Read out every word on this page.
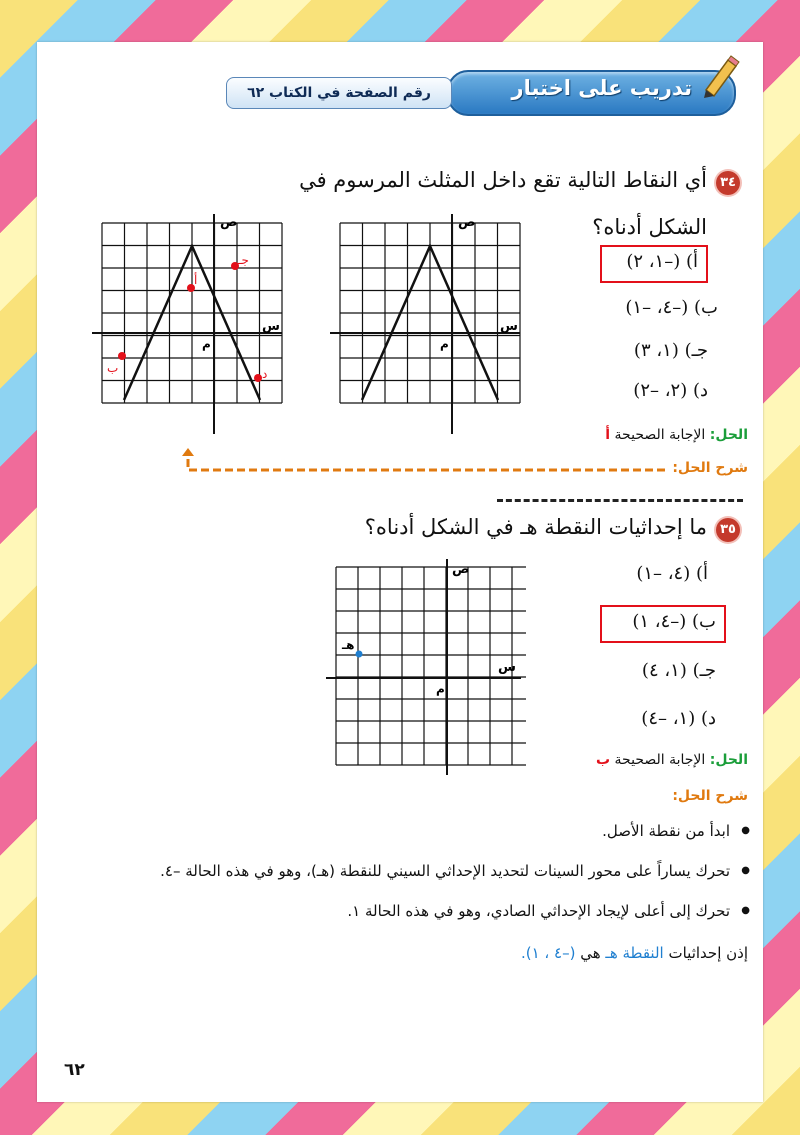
تدريب على اختبار
رقم الصفحة في الكتاب ٦٢
٣٤
أي النقاط التالية تقع داخل المثلث المرسوم في
الشكل أدناه؟
أ) (–١، ٢)
ب) (–٤، –١)
جـ) (١، ٣)
د) (٢، –٢)
ص
س
م
أ
ب
جـ
د
ص
س
م
الحل: الإجابة الصحيحة أ
شرح الحل:
٣٥
ما إحداثيات النقطة هـ في الشكل أدناه؟
ص
س
م
هـ
أ) (٤، –١)
ب) (–٤، ١)
جـ) (١، ٤)
د) (١، –٤)
الحل: الإجابة الصحيحة ب
شرح الحل:
● ابدأ من نقطة الأصل.
● تحرك يساراً على محور السينات لتحديد الإحداثي السيني للنقطة (هـ)، وهو في هذه الحالة –٤.
● تحرك إلى أعلى لإيجاد الإحداثي الصادي، وهو في هذه الحالة ١.
إذن إحداثيات النقطة هـ هي (–٤ ، ١).
٦٢
